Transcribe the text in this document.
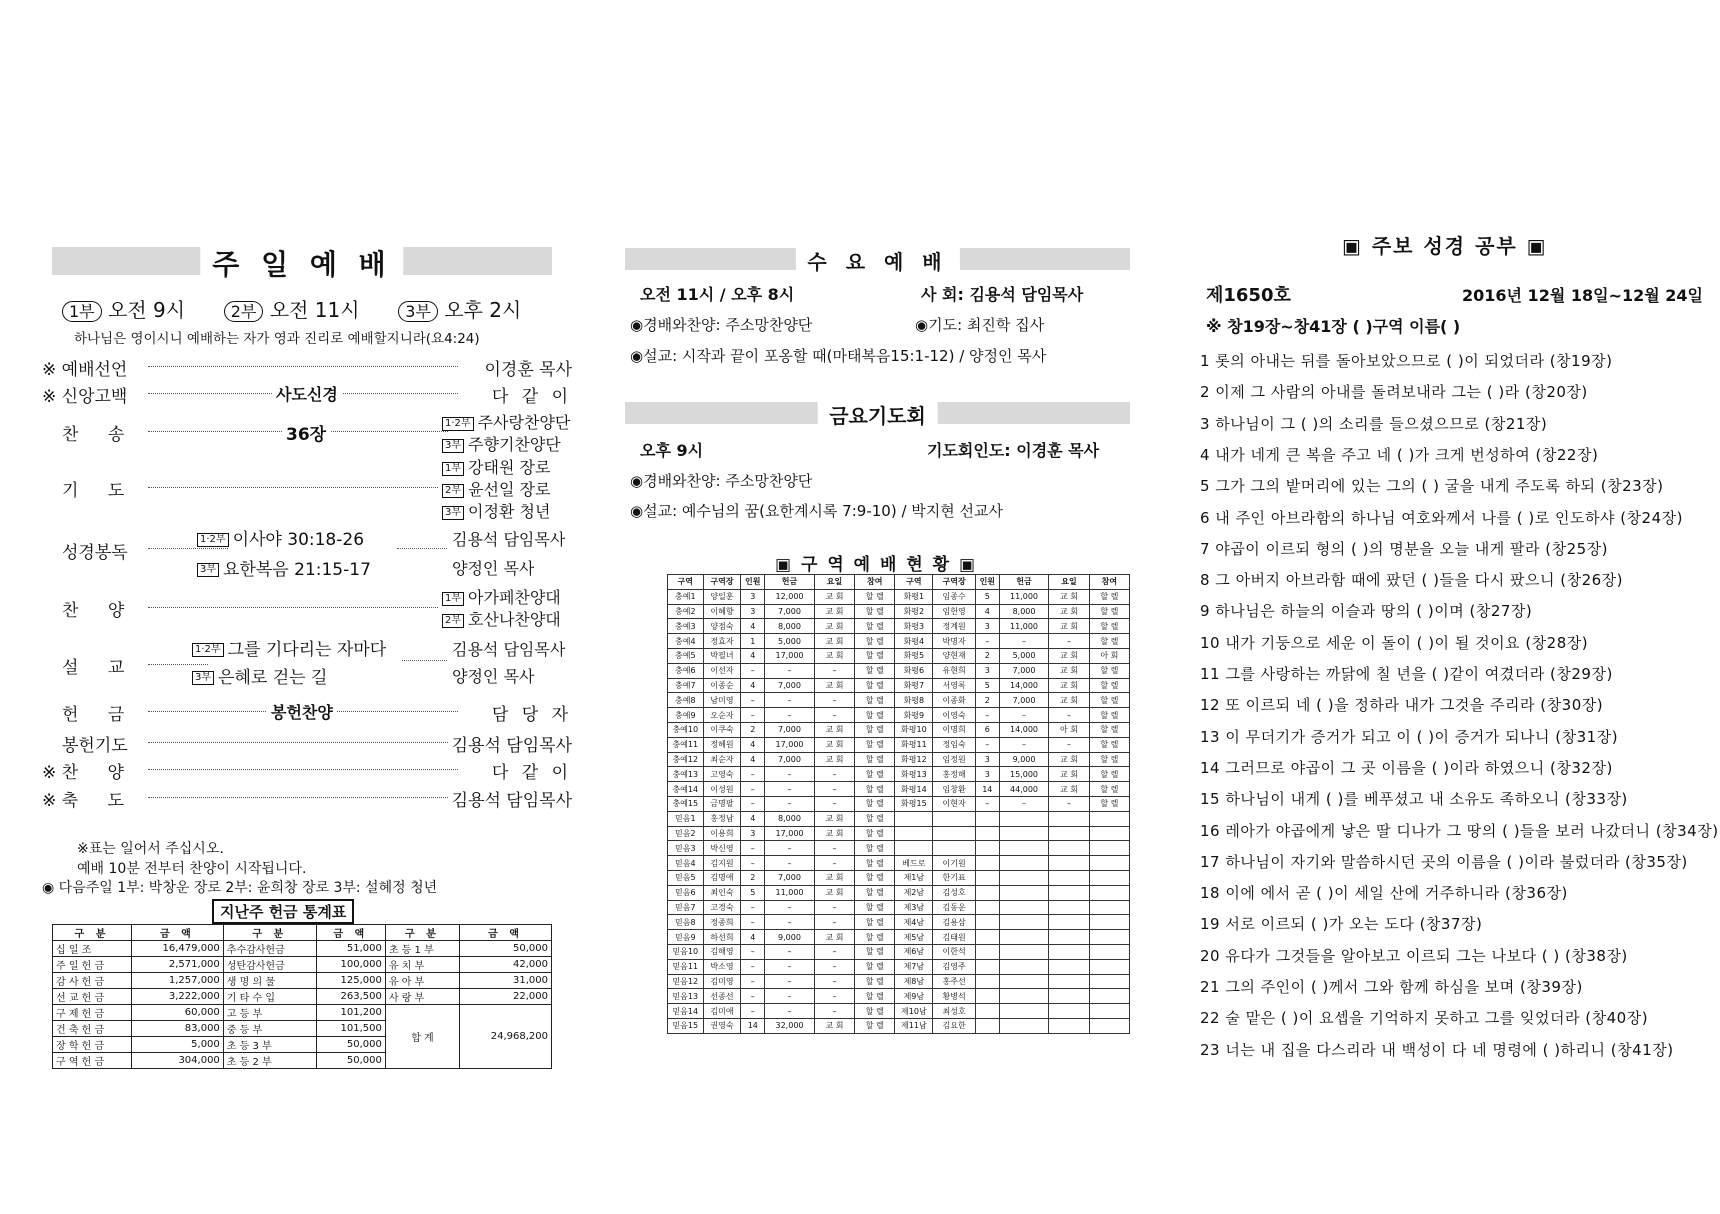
주 일 예 배
1부 오전 9시	2부 오전 11시	3부 오후 2시
하나님은 영이시니 예배하는 자가 영과 진리로 예배할지니라(요4:24)
※ 예배선언	이경훈 목사
※ 신앙고백	사도신경	다 같 이
찬 송	36장
1·2부 주사랑찬양단
3부 주향기찬양단
기 도
1부 강태원 장로
2부 윤선일 장로
3부 이정환 청년
성경봉독
1·2부 이사야 30:18-26	김용석 담임목사
3부 요한복음 21:15-17	양정인 목사
찬 양
1부 아가페찬양대
2부 호산나찬양대
설 교
1·2부 그를 기다리는 자마다	김용석 담임목사
3부 은혜로 걷는 길	양정인 목사
헌 금	봉헌찬양	담 당 자
봉헌기도	김용석 담임목사
※ 찬 양	다 같 이
※ 축 도	김용석 담임목사
※표는 일어서 주십시오.
예배 10분 전부터 찬양이 시작됩니다.
◉ 다음주일 1부: 박창운 장로 2부: 윤희창 장로 3부: 설혜정 청년
지난주 헌금 통계표
구 분	금 액	구 분	금 액	구 분	금 액
십 일 조	16,479,000	추수감사헌금	51,000	초 등 1 부	50,000
주 일 헌 금	2,571,000	성탄감사헌금	100,000	유 치 부	42,000
감 사 헌 금	1,257,000	생 명 의 물	125,000	유 아 부	31,000
선 교 헌 금	3,222,000	기 타 수 입	263,500	사 랑 부	22,000
구 제 헌 금	60,000	고 등 부	101,200	합 계	24,968,200
건 축 헌 금	83,000	중 등 부	101,500		
장 학 헌 금	5,000	초 등 3 부	50,000		
구 역 헌 금	304,000	초 등 2 부	50,000		
수 요 예 배
오전 11시 / 오후 8시	사 회: 김용석 담임목사
◉경배와찬양: 주소망찬양단	◉기도: 최진학 집사
◉설교: 시작과 끝이 포옹할 때(마태복음15:1-12) / 양정인 목사
금요기도회
오후 9시	기도회인도: 이경훈 목사
◉경배와찬양: 주소망찬양단
◉설교: 예수님의 꿈(요한계시록 7:9-10) / 박지현 선교사
▣ 구 역 예 배 현 황 ▣
구역	구역장	인원	헌금	요일	참여	구역	구역장	인원	헌금	요일	참여
충예1	양일훈	3	12,000	교 회	할 렐	화평1	임종수	5	11,000	교 회	할 렐
충예2	이혜향	3	7,000	교 회	할 렐	화평2	임헌영	4	8,000	교 회	할 렐
충예3	양점숙	4	8,000	교 회	할 렐	화평3	정계원	3	11,000	교 회	할 렐
충예4	정효자	1	5,000	교 회	할 렐	화평4	박명자	–	–	–	할 렐
충예5	박필녀	4	17,000	교 회	할 렐	화평5	양현재	2	5,000	교 회	아 회
충예6	이선자	–	–	–	할 렐	화평6	유현희	3	7,000	교 회	할 렐
충예7	이종순	4	7,000	교 회	할 렐	화평7	서영록	5	14,000	교 회	할 렐
충예8	남미영	–	–	–	할 렐	화평8	이종화	2	7,000	교 회	할 렐
충예9	오순자	–	–	–	할 렐	화평9	이영숙	–	–	–	할 렐
충예10	이쿠숙	2	7,000	교 회	할 렐	화평10	이명희	6	14,000	아 회	할 렐
충예11	정혜원	4	17,000	교 회	할 렐	화평11	정임숙	–	–	–	할 렐
충예12	최순자	4	7,000	교 회	할 렐	화평12	임정원	3	9,000	교 회	할 렐
충예13	고영숙	–	–	–	할 렐	화평13	홍정해	3	15,000	교 회	할 렐
충예14	이성원	–	–	–	할 렐	화평14	임창환	14	44,000	교 회	할 렐
충예15	금명팔	–	–	–	할 렐	화평15	이현자	–	–	–	할 렐
믿음1	홍정남	4	8,000	교 회	할 렐						
믿음2	이용희	3	17,000	교 회	할 렐						
믿음3	박신영	–	–	–	할 렐						
믿음4	김지원	–	–	–	할 렐	베드로	이기원				
믿음5	김명애	2	7,000	교 회	할 렐	제1남	한기표				
믿음6	최인숙	5	11,000	교 회	할 렐	제2남	김성호				
믿음7	고경숙	–	–	–	할 렐	제3남	김동운				
믿음8	정종희	–	–	–	할 렐	제4남	김용삼				
믿음9	하선희	4	9,000	교 회	할 렐	제5남	김태원				
믿음10	김해영	–	–	–	할 렐	제6남	이한석				
믿음11	박소영	–	–	–	할 렐	제7남	김영주				
믿음12	김미영	–	–	–	할 렐	제8남	홍주선				
믿음13	선종선	–	–	–	할 렐	제9남	황병석				
믿음14	김미애	–	–	–	할 렐	제10남	최성호				
믿음15	권영숙	14	32,000	교 회	할 렐	제11남	김요한				
▣ 주보 성경 공부 ▣
제1650호	2016년 12월 18일~12월 24일
※ 창19장~창41장 ( )구역 이름( )
1 롯의 아내는 뒤를 돌아보았으므로 ( )이 되었더라 (창19장)
2 이제 그 사람의 아내를 돌려보내라 그는 ( )라 (창20장)
3 하나님이 그 ( )의 소리를 들으셨으므로 (창21장)
4 내가 네게 큰 복을 주고 네 ( )가 크게 번성하여 (창22장)
5 그가 그의 밭머리에 있는 그의 ( ) 굴을 내게 주도록 하되 (창23장)
6 내 주인 아브라함의 하나님 여호와께서 나를 ( )로 인도하샤 (창24장)
7 야곱이 이르되 형의 ( )의 명분을 오늘 내게 팔라 (창25장)
8 그 아버지 아브라함 때에 팠던 ( )들을 다시 팠으니 (창26장)
9 하나님은 하늘의 이슬과 땅의 ( )이며 (창27장)
10 내가 기둥으로 세운 이 돌이 ( )이 될 것이요 (창28장)
11 그를 사랑하는 까닭에 칠 년을 ( )같이 여겼더라 (창29장)
12 또 이르되 네 ( )을 정하라 내가 그것을 주리라 (창30장)
13 이 무더기가 증거가 되고 이 ( )이 증거가 되나니 (창31장)
14 그러므로 야곱이 그 곳 이름을 ( )이라 하였으니 (창32장)
15 하나님이 내게 ( )를 베푸셨고 내 소유도 족하오니 (창33장)
16 레아가 야곱에게 낳은 딸 디나가 그 땅의 ( )들을 보러 나갔더니 (창34장)
17 하나님이 자기와 말씀하시던 곳의 이름을 ( )이라 불렀더라 (창35장)
18 이에 에서 곧 ( )이 세일 산에 거주하니라 (창36장)
19 서로 이르되 ( )가 오는 도다 (창37장)
20 유다가 그것들을 알아보고 이르되 그는 나보다 ( ) (창38장)
21 그의 주인이 ( )께서 그와 함께 하심을 보며 (창39장)
22 술 맡은 ( )이 요셉을 기억하지 못하고 그를 잊었더라 (창40장)
23 너는 내 집을 다스리라 내 백성이 다 네 명령에 ( )하리니 (창41장)
